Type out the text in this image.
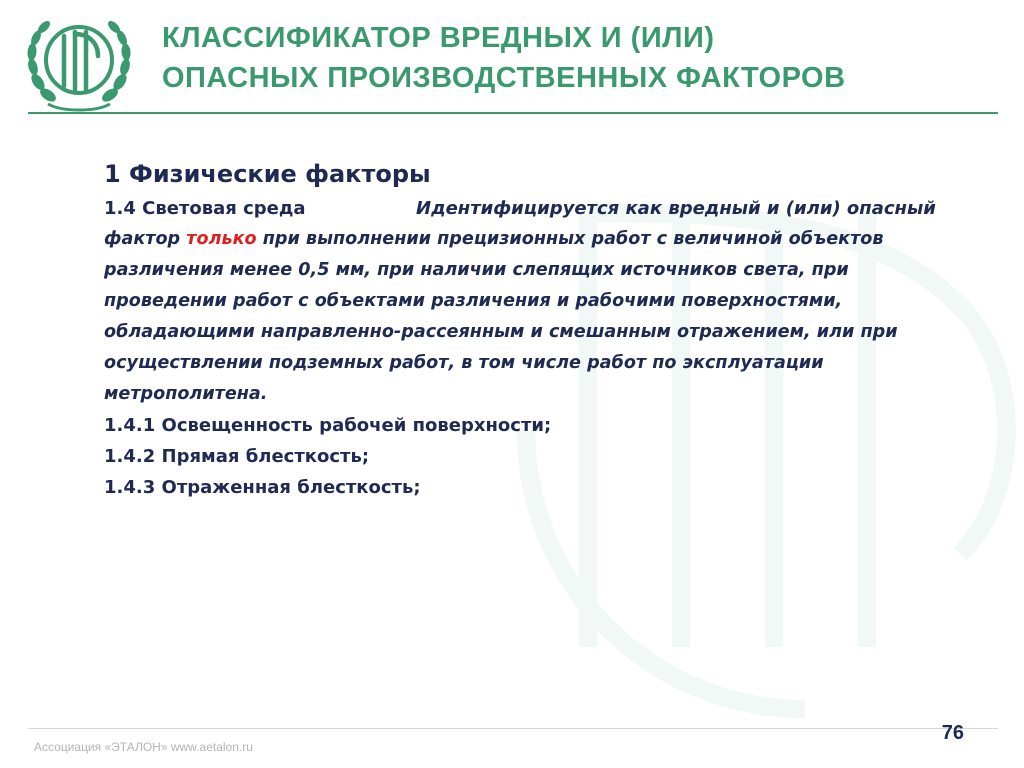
КЛАССИФИКАТОР ВРЕДНЫХ И (ИЛИ)
ОПАСНЫХ ПРОИЗВОДСТВЕННЫХ ФАКТОРОВ
1 Физические факторы
1.4 Световая среда	Идентифицируется как вредный и (или) опасный
фактор только при выполнении прецизионных работ с величиной объектов
различения менее 0,5 мм, при наличии слепящих источников света, при
проведении работ с объектами различения и рабочими поверхностями,
обладающими направленно-рассеянным и смешанным отражением, или при
осуществлении подземных работ, в том числе работ по эксплуатации
метрополитена.
1.4.1 Освещенность рабочей поверхности;
1.4.2 Прямая блесткость;
1.4.3 Отраженная блесткость;
Ассоциация «ЭТАЛОН» www.aetalon.ru
76
